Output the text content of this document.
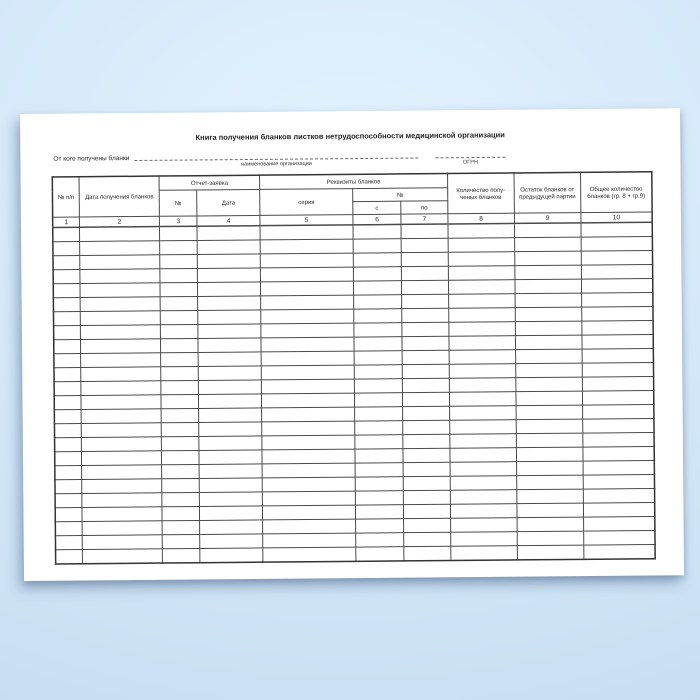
Книга получения бланков листков нетрудоспособности медицинской организации
От кого получены бланки
наименование организации	ОГРН
№ п/п	Дата получения бланков	Отчет-заявка		Реквизиты бланков			Количество полу-ченых бланков	Остаток бланков от предыдущей партии	Общее количество бланков (гр. 8 + гр.9)
		№	Дата	серия	№				
					с	по			
1	2	3	4	5	6	7	8	9	10
